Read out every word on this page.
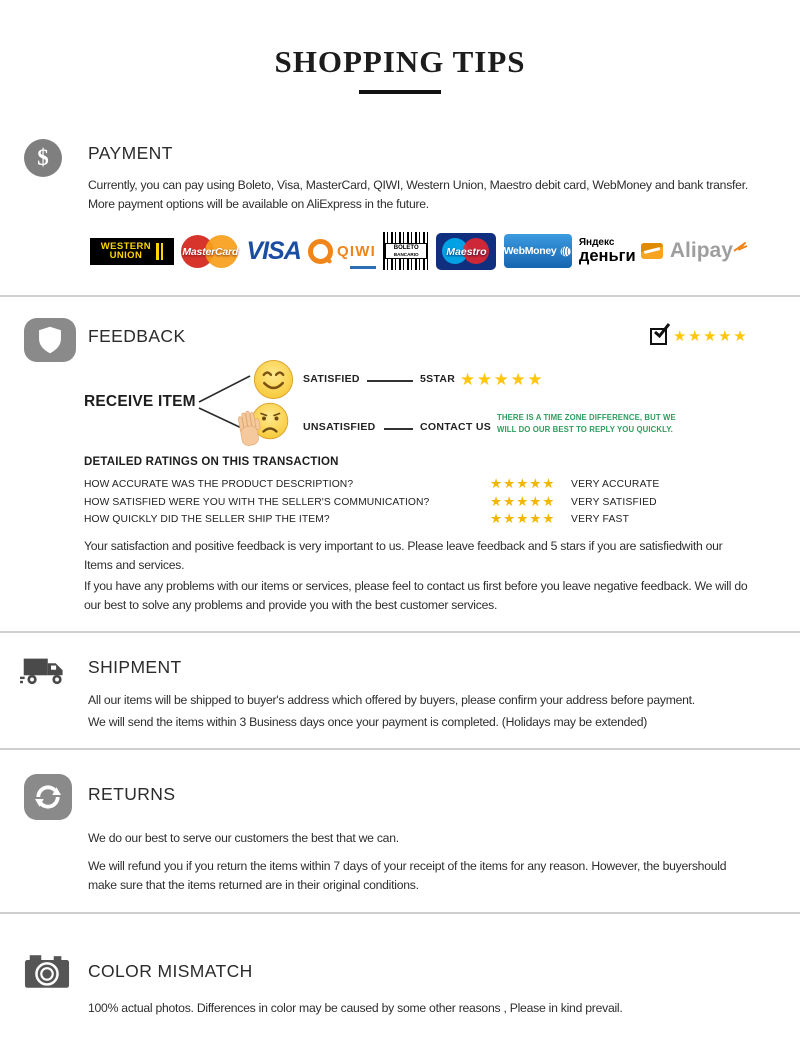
SHOPPING TIPS
$ PAYMENT
Currently, you can pay using Boleto, Visa, MasterCard, QIWI, Western Union, Maestro debit card, WebMoney and bank transfer.
More payment options will be available on AliExpress in the future.
WESTERN
UNION	MasterCard VISA QIWI	BOLETO
BANCARIO	Maestro	WebMoney
Яндекс
деньги Alipay
FEEDBACK	★★★★★
RECEIVE ITEM
SATISFIED	5STAR ★★★★★
UNSATISFIED	CONTACT US
THERE IS A TIME ZONE DIFFERENCE, BUT WE
WILL DO OUR BEST TO REPLY YOU QUICKLY.
DETAILED RATINGS ON THIS TRANSACTION
HOW ACCURATE WAS THE PRODUCT DESCRIPTION?	★★★★★	VERY ACCURATE
HOW SATISFIED WERE YOU WITH THE SELLER'S COMMUNICATION?	★★★★★	VERY SATISFIED
HOW QUICKLY DID THE SELLER SHIP THE ITEM?	★★★★★	VERY FAST
Your satisfaction and positive feedback is very important to us. Please leave feedback and 5 stars if you are satisfiedwith our
Items and services.
If you have any problems with our items or services, please feel to contact us first before you leave negative feedback. We will do
our best to solve any problems and provide you with the best customer services.
SHIPMENT
All our items will be shipped to buyer's address which offered by buyers, please confirm your address before payment.
We will send the items within 3 Business days once your payment is completed. (Holidays may be extended)
RETURNS
We do our best to serve our customers the best that we can.
We will refund you if you return the items within 7 days of your receipt of the items for any reason. However, the buyershould
make sure that the items returned are in their original conditions.
COLOR MISMATCH
100% actual photos. Differences in color may be caused by some other reasons , Please in kind prevail.
